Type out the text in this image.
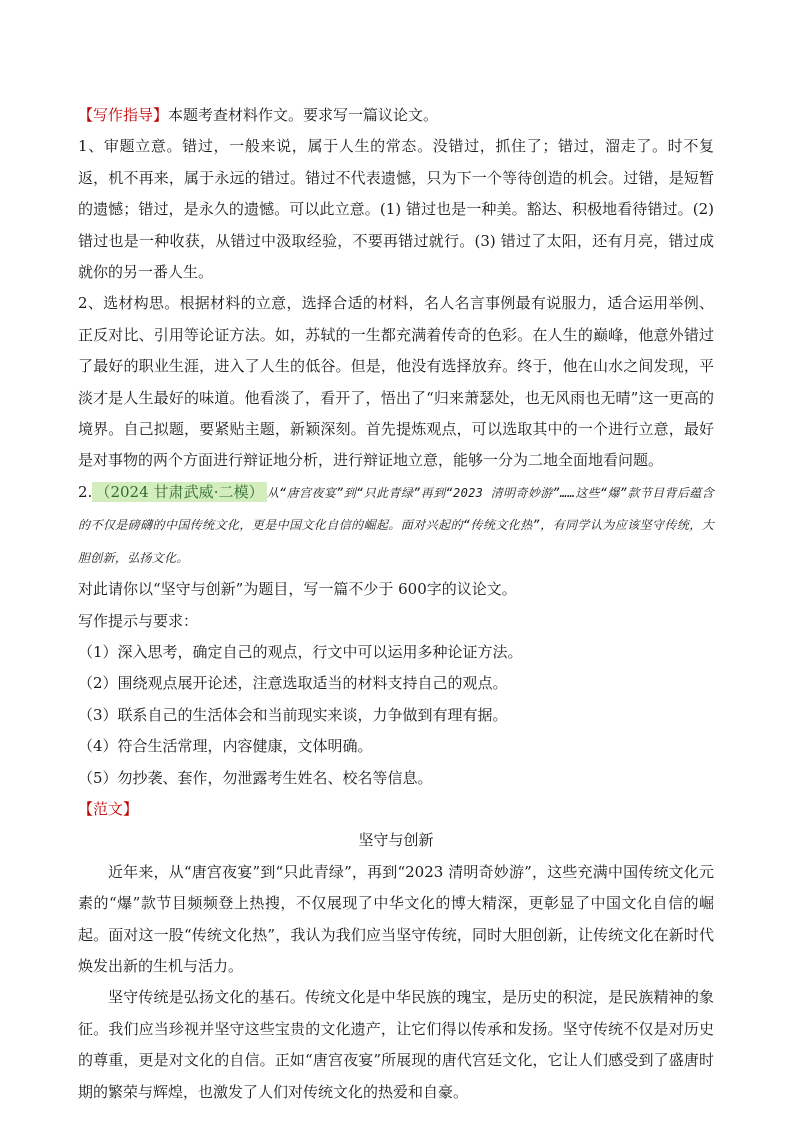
【写作指导】本题考查材料作文。要求写一篇议论文。

1、审题立意。错过，一般来说，属于人生的常态。没错过，抓住了；错过，溜走了。时不复返，机不再来，属于永远的错过。错过不代表遗憾，只为下一个等待创造的机会。过错，是短暂的遗憾；错过，是永久的遗憾。可以此立意。(1) 错过也是一种美。豁达、积极地看待错过。(2) 错过也是一种收获，从错过中汲取经验，不要再错过就行。(3) 错过了太阳，还有月亮，错过成就你的另一番人生。

2、选材构思。根据材料的立意，选择合适的材料，名人名言事例最有说服力，适合运用举例、正反对比、引用等论证方法。如，苏轼的一生都充满着传奇的色彩。在人生的巅峰，他意外错过了最好的职业生涯，进入了人生的低谷。但是，他没有选择放弃。终于，他在山水之间发现，平淡才是人生最好的味道。他看淡了，看开了，悟出了“归来萧瑟处，也无风雨也无晴”这一更高的境界。自己拟题，要紧贴主题，新颖深刻。首先提炼观点，可以选取其中的一个进行立意，最好是对事物的两个方面进行辩证地分析，进行辩证地立意，能够一分为二地全面地看问题。

2. （2024 甘肃武威·二模） 从“唐宫夜宴”到“只此青绿”再到“2023 清明奇妙游”……这些“爆”款节目背后蕴含的不仅是磅礴的中国传统文化，更是中国文化自信的崛起。面对兴起的“传统文化热”，有同学认为应该坚守传统，大胆创新，弘扬文化。

对此请你以“坚守与创新”为题目，写一篇不少于 600字的议论文。

写作提示与要求：

（1）深入思考，确定自己的观点，行文中可以运用多种论证方法。

（2）围绕观点展开论述，注意选取适当的材料支持自己的观点。

（3）联系自己的生活体会和当前现实来谈，力争做到有理有据。

（4）符合生活常理，内容健康，文体明确。

（5）勿抄袭、套作，勿泄露考生姓名、校名等信息。

【范文】

坚守与创新

近年来，从“唐宫夜宴”到“只此青绿”，再到“2023 清明奇妙游”，这些充满中国传统文化元素的“爆”款节目频频登上热搜，不仅展现了中华文化的博大精深，更彰显了中国文化自信的崛起。面对这一股“传统文化热”，我认为我们应当坚守传统，同时大胆创新，让传统文化在新时代焕发出新的生机与活力。

坚守传统是弘扬文化的基石。传统文化是中华民族的瑰宝，是历史的积淀，是民族精神的象征。我们应当珍视并坚守这些宝贵的文化遗产，让它们得以传承和发扬。坚守传统不仅是对历史的尊重，更是对文化的自信。正如“唐宫夜宴”所展现的唐代宫廷文化，它让人们感受到了盛唐时期的繁荣与辉煌，也激发了人们对传统文化的热爱和自豪。
